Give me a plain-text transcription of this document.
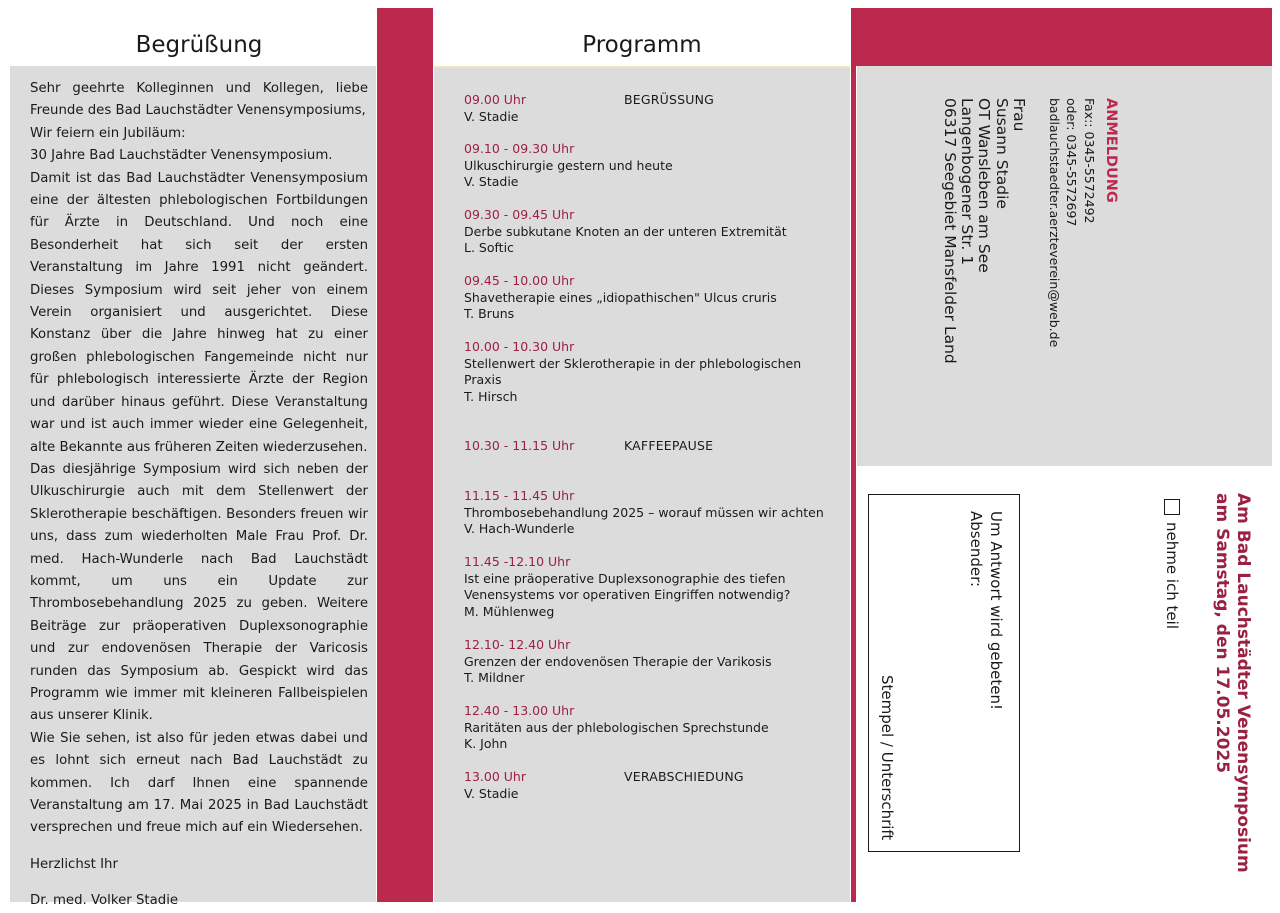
Begrüßung

Sehr geehrte Kolleginnen und Kollegen, liebe Freunde des Bad Lauchstädter Venensymposiums,

Wir feiern ein Jubiläum:

30 Jahre Bad Lauchstädter Venensymposium.

Damit ist das Bad Lauchstädter Venensymposium eine der ältesten phlebologischen Fortbildungen für Ärzte in Deutschland. Und noch eine Besonderheit hat sich seit der ersten Veranstaltung im Jahre 1991 nicht geändert. Dieses Symposium wird seit jeher von einem Verein organisiert und ausgerichtet. Diese Konstanz über die Jahre hinweg hat zu einer großen phlebologischen Fangemeinde nicht nur für phlebologisch interessierte Ärzte der Region und darüber hinaus geführt. Diese Veranstaltung war und ist auch immer wieder eine Gelegenheit, alte Bekannte aus früheren Zeiten wiederzusehen.

Das diesjährige Symposium wird sich neben der Ulkuschirurgie auch mit dem Stellenwert der Sklerotherapie beschäftigen. Besonders freuen wir uns, dass zum wiederholten Male Frau Prof. Dr. med. Hach-Wunderle nach Bad Lauchstädt kommt, um uns ein Update zur Thrombosebehandlung 2025 zu geben. Weitere Beiträge zur präoperativen Duplexsonographie und zur endovenösen Therapie der Varicosis runden das Symposium ab. Gespickt wird das Programm wie immer mit kleineren Fallbeispielen aus unserer Klinik.

Wie Sie sehen, ist also für jeden etwas dabei und es lohnt sich erneut nach Bad Lauchstädt zu kommen. Ich darf Ihnen eine spannende Veranstaltung am 17. Mai 2025 in Bad Lauchstädt versprechen und freue mich auf ein Wiedersehen.

Herzlichst Ihr

Dr. med. Volker Stadie

Programm
09.00 Uhr	BEGRÜSSUNG
V. Stadie
09.10 - 09.30 Uhr
Ulkuschirurgie gestern und heute
V. Stadie
09.30 - 09.45 Uhr
Derbe subkutane Knoten an der unteren Extremität
L. Softic
09.45 - 10.00 Uhr
Shavetherapie eines „idiopathischen" Ulcus cruris
T. Bruns
10.00 - 10.30 Uhr
Stellenwert der Sklerotherapie in der phlebologischen
Praxis
T. Hirsch
10.30 - 11.15 Uhr	KAFFEEPAUSE
11.15 - 11.45 Uhr
Thrombosebehandlung 2025 – worauf müssen wir achten
V. Hach-Wunderle
11.45 -12.10 Uhr
Ist eine präoperative Duplexsonographie des tiefen
Venensystems vor operativen Eingriffen notwendig?
M. Mühlenweg
12.10- 12.40 Uhr
Grenzen der endovenösen Therapie der Varikosis
T. Mildner
12.40 - 13.00 Uhr
Raritäten aus der phlebologischen Sprechstunde
K. John
13.00 Uhr	VERABSCHIEDUNG
V. Stadie
ANMELDUNG
Fax:: 0345-5572492
oder: 0345-5572697
badlauchstaedter.aerzteverein@web.de
Frau
Susann Stadie
OT Wansleben am See
Langenbogener Str. 1
06317 Seegebiet Mansfelder Land
Am Bad Lauchstädter Venensymposium
am Samstag, den 17.05.2025
nehme ich teil
Um Antwort wird gebeten!
Absender:
Stempel / Unterschrift
